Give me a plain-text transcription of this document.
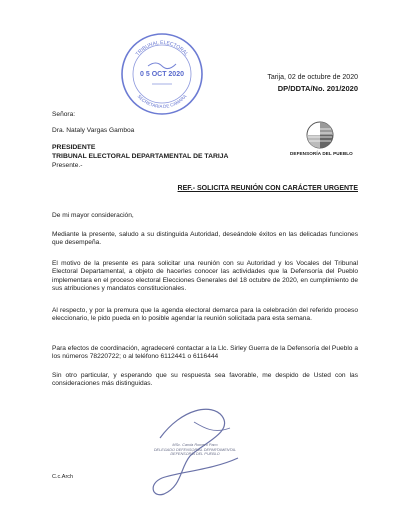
TRIBUNAL ELECTORAL
SECRETARIA DE CAMARA
0 5 OCT 2020	Tarija, 02 de octubre de 2020
DP/DDTA/No. 201/2020
DEFENSORÍA DEL PUEBLO
Señora:
Dra. Nataly Vargas Gamboa
PRESIDENTE
TRIBUNAL ELECTORAL DEPARTAMENTAL DE TARIJA
Presente.-
REF.- SOLICITA REUNIÓN CON CARÁCTER URGENTE
De mi mayor consideración,
Mediante la presente, saludo a su distinguida Autoridad, deseándole éxitos en las delicadas funciones que desempeña.
El motivo de la presente es para solicitar una reunión con su Autoridad y los Vocales del Tribunal Electoral Departamental, a objeto de hacerles conocer las actividades que la Defensoría del Pueblo implementara en el proceso electoral Elecciones Generales del 18 octubre de 2020, en cumplimiento de sus atribuciones y mandatos constitucionales.
Al respecto, y por la premura que la agenda electoral demarca para la celebración del referido proceso eleccionario, le pido pueda en lo posible agendar la reunión solicitada para esta semana.
Para efectos de coordinación, agradeceré contactar a la Llc. Sirley Guerra de la Defensoría del Pueblo a los números 78220722; o al teléfono 6112441 o 6116444
Sin otro particular, y esperando que su respuesta sea favorable, me despido de Usted con las consideraciones más distinguidas.
MSc. Carola Romero Paco
DELEGADO DEFENSORIAL DEPARTAMENTAL
DEFENSORÍA DEL PUEBLO
C.c.Arch
